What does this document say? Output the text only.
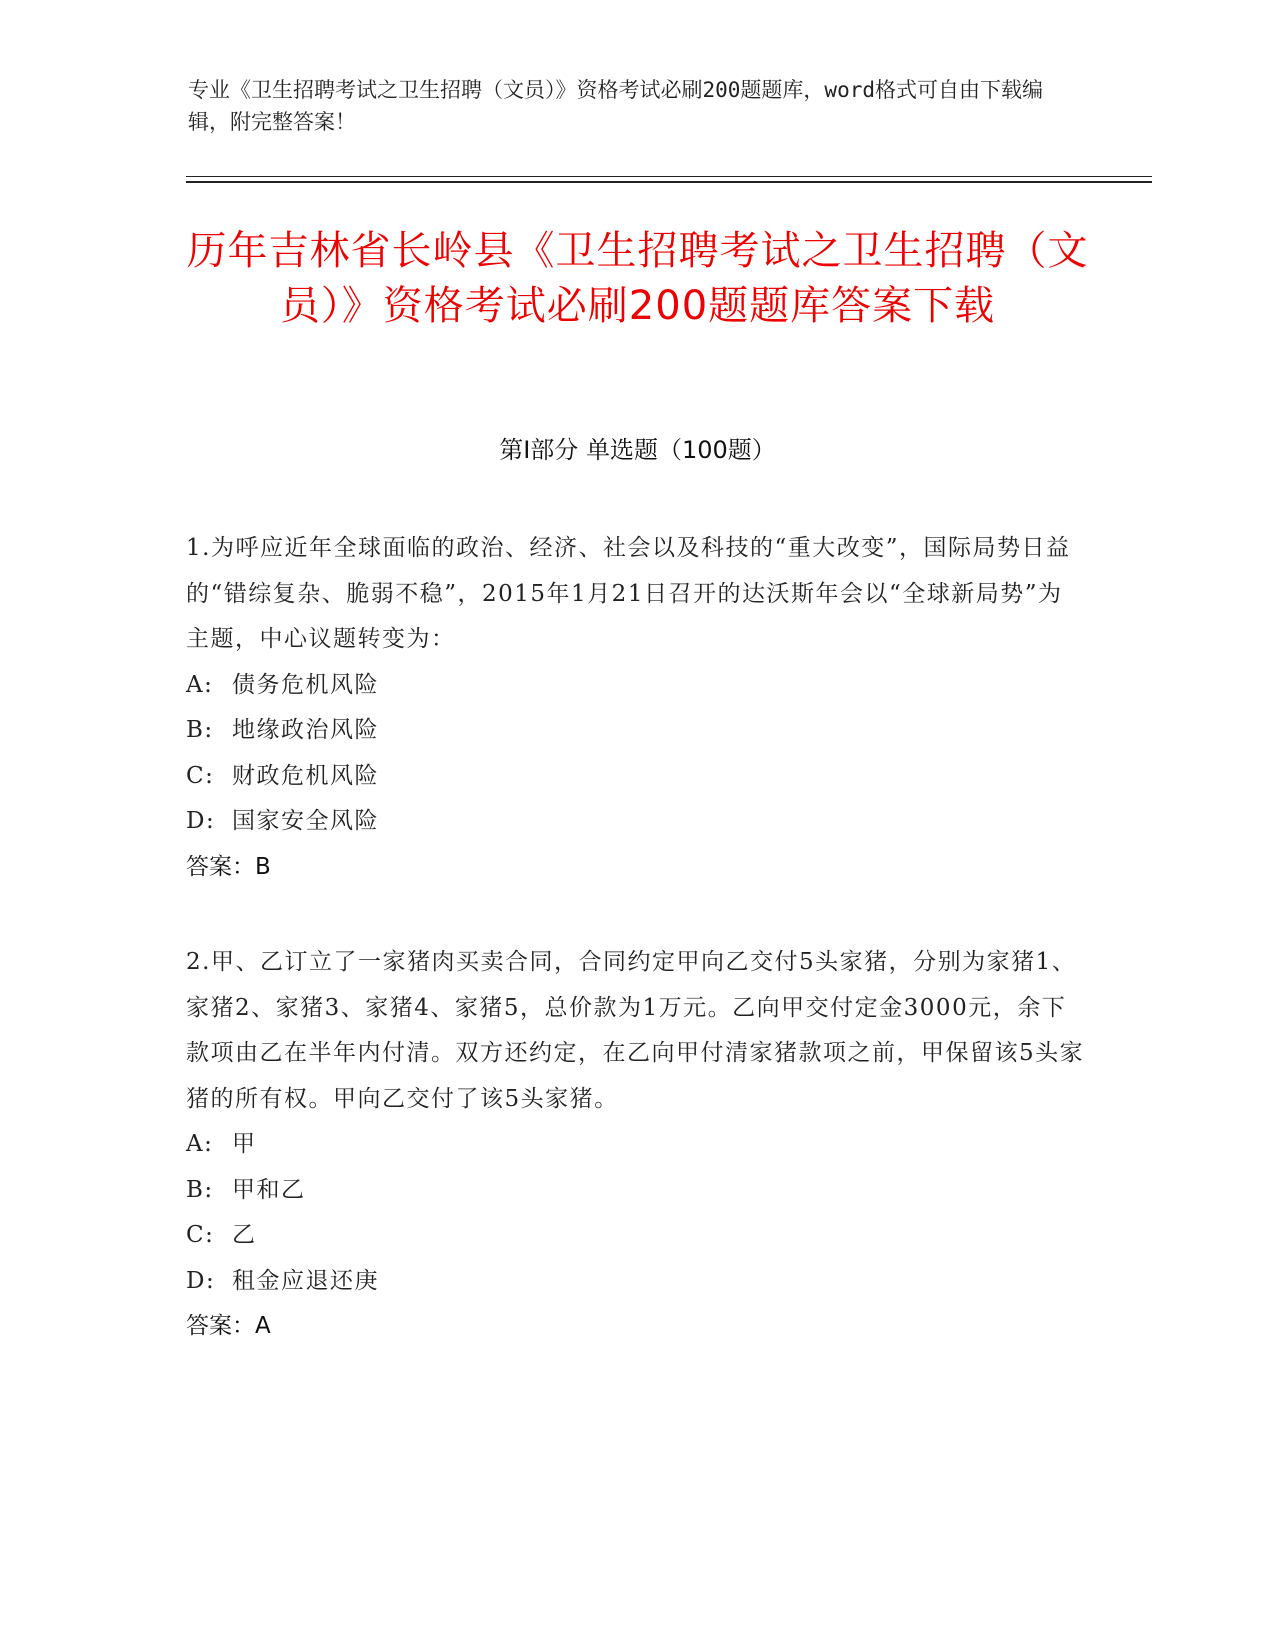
专业《卫生招聘考试之卫生招聘（文员）》资格考试必刷200题题库，word格式可自由下载编辑，附完整答案！
历年吉林省长岭县《卫生招聘考试之卫生招聘（文员）》资格考试必刷200题题库答案下载
第I部分 单选题（100题）
1.为呼应近年全球面临的政治、经济、社会以及科技的“重大改变”，国际局势日益的“错综复杂、脆弱不稳”，2015年1月21日召开的达沃斯年会以“全球新局势”为主题，中心议题转变为：
A: 债务危机风险
B: 地缘政治风险
C: 财政危机风险
D: 国家安全风险
答案：B
2.甲、乙订立了一家猪肉买卖合同，合同约定甲向乙交付5头家猪，分别为家猪1、家猪2、家猪3、家猪4、家猪5，总价款为1万元。乙向甲交付定金3000元，余下款项由乙在半年内付清。双方还约定，在乙向甲付清家猪款项之前，甲保留该5头家猪的所有权。甲向乙交付了该5头家猪。
A: 甲
B: 甲和乙
C: 乙
D: 租金应退还庚
答案：A
